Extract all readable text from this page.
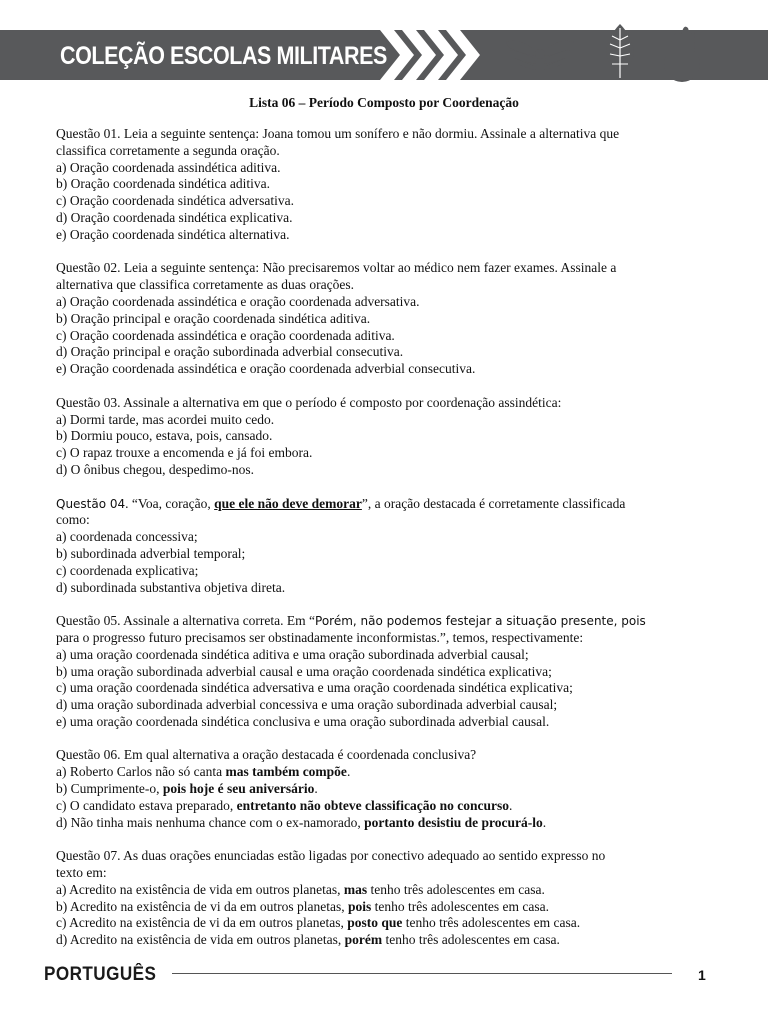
COLEÇÃO ESCOLAS MILITARES
Lista 06 – Período Composto por Coordenação

Questão 01. Leia a seguinte sentença: Joana tomou um sonífero e não dormiu. Assinale a alternativa que

classifica corretamente a segunda oração.

a) Oração coordenada assindética aditiva.

b) Oração coordenada sindética aditiva.

c) Oração coordenada sindética adversativa.

d) Oração coordenada sindética explicativa.

e) Oração coordenada sindética alternativa.

Questão 02. Leia a seguinte sentença: Não precisaremos voltar ao médico nem fazer exames. Assinale a

alternativa que classifica corretamente as duas orações.

a) Oração coordenada assindética e oração coordenada adversativa.

b) Oração principal e oração coordenada sindética aditiva.

c) Oração coordenada assindética e oração coordenada aditiva.

d) Oração principal e oração subordinada adverbial consecutiva.

e) Oração coordenada assindética e oração coordenada adverbial consecutiva.

Questão 03. Assinale a alternativa em que o período é composto por coordenação assindética:

a) Dormi tarde, mas acordei muito cedo.

b) Dormiu pouco, estava, pois, cansado.

c) O rapaz trouxe a encomenda e já foi embora.

d) O ônibus chegou, despedimo-nos.

Questão 04. “Voa, coração, que ele não deve demorar”, a oração destacada é corretamente classificada

como:

a) coordenada concessiva;

b) subordinada adverbial temporal;

c) coordenada explicativa;

d) subordinada substantiva objetiva direta.

Questão 05. Assinale a alternativa correta. Em “Porém, não podemos festejar a situação presente, pois

para o progresso futuro precisamos ser obstinadamente inconformistas.”, temos, respectivamente:

a) uma oração coordenada sindética aditiva e uma oração subordinada adverbial causal;

b) uma oração subordinada adverbial causal e uma oração coordenada sindética explicativa;

c) uma oração coordenada sindética adversativa e uma oração coordenada sindética explicativa;

d) uma oração subordinada adverbial concessiva e uma oração subordinada adverbial causal;

e) uma oração coordenada sindética conclusiva e uma oração subordinada adverbial causal.

Questão 06. Em qual alternativa a oração destacada é coordenada conclusiva?

a) Roberto Carlos não só canta mas também compõe.

b) Cumprimente-o, pois hoje é seu aniversário.

c) O candidato estava preparado, entretanto não obteve classificação no concurso.

d) Não tinha mais nenhuma chance com o ex-namorado, portanto desistiu de procurá-lo.

Questão 07. As duas orações enunciadas estão ligadas por conectivo adequado ao sentido expresso no

texto em:

a) Acredito na existência de vida em outros planetas, mas tenho três adolescentes em casa.

b) Acredito na existência de vi da em outros planetas, pois tenho três adolescentes em casa.

c) Acredito na existência de vi da em outros planetas, posto que tenho três adolescentes em casa.

d) Acredito na existência de vida em outros planetas, porém tenho três adolescentes em casa.

PORTUGUÊS	1
